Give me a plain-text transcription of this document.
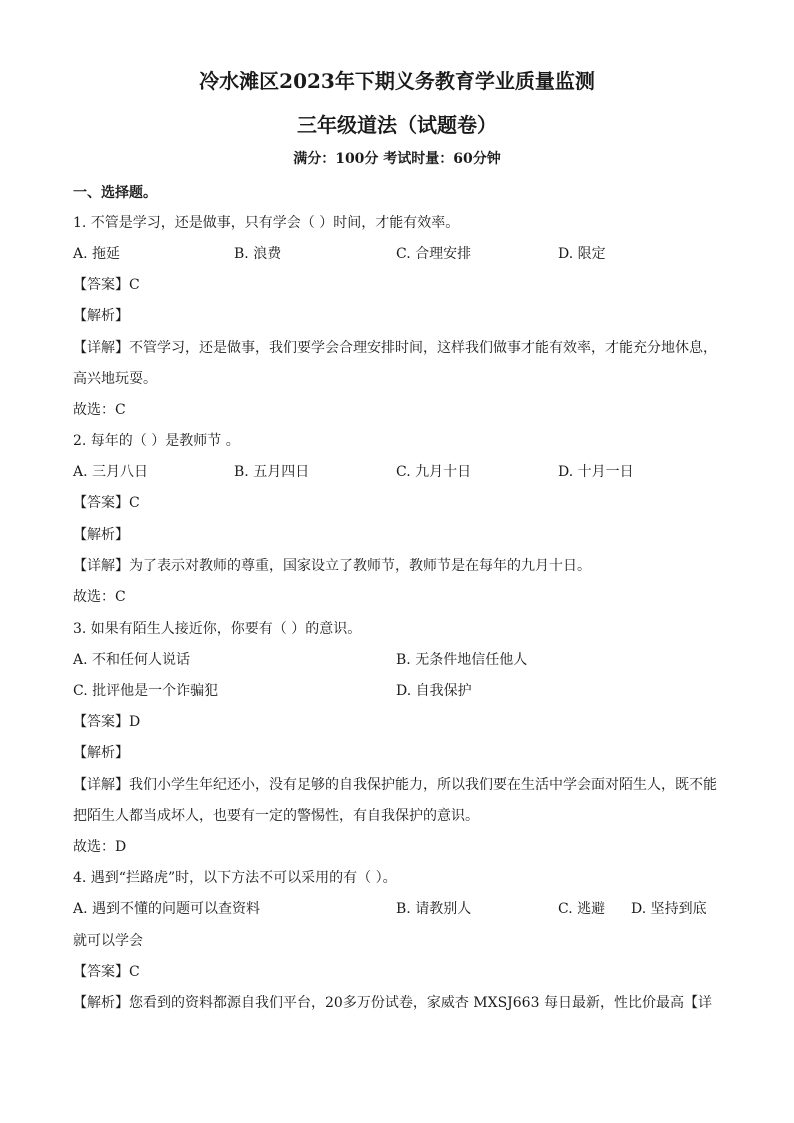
冷水滩区2023年下期义务教育学业质量监测
三年级道法（试题卷）
满分：100分 考试时量：60分钟
一、选择题。
1. 不管是学习，还是做事，只有学会（ ）时间，才能有效率。
A. 拖延	B. 浪费	C. 合理安排	D. 限定
【答案】C
【解析】
【详解】不管学习，还是做事，我们要学会合理安排时间，这样我们做事才能有效率，才能充分地休息，
高兴地玩耍。
故选：C
2. 每年的（ ）是教师节 。
A. 三月八日	B. 五月四日	C. 九月十日	D. 十月一日
【答案】C
【解析】
【详解】为了表示对教师的尊重，国家设立了教师节，教师节是在每年的九月十日。
故选：C
3. 如果有陌生人接近你，你要有（ ）的意识。
A. 不和任何人说话	B. 无条件地信任他人
C. 批评他是一个诈骗犯	D. 自我保护
【答案】D
【解析】
【详解】我们小学生年纪还小，没有足够的自我保护能力，所以我们要在生活中学会面对陌生人，既不能
把陌生人都当成坏人，也要有一定的警惕性，有自我保护的意识。
故选：D
4. 遇到“拦路虎”时，以下方法不可以采用的有（ ）。
A. 遇到不懂的问题可以查资料	B. 请教别人	C. 逃避 D. 坚持到底
就可以学会
【答案】C
【解析】您看到的资料都源自我们平台，20多万份试卷，家威杏 MXSJ663 每日最新，性比价最高【详
